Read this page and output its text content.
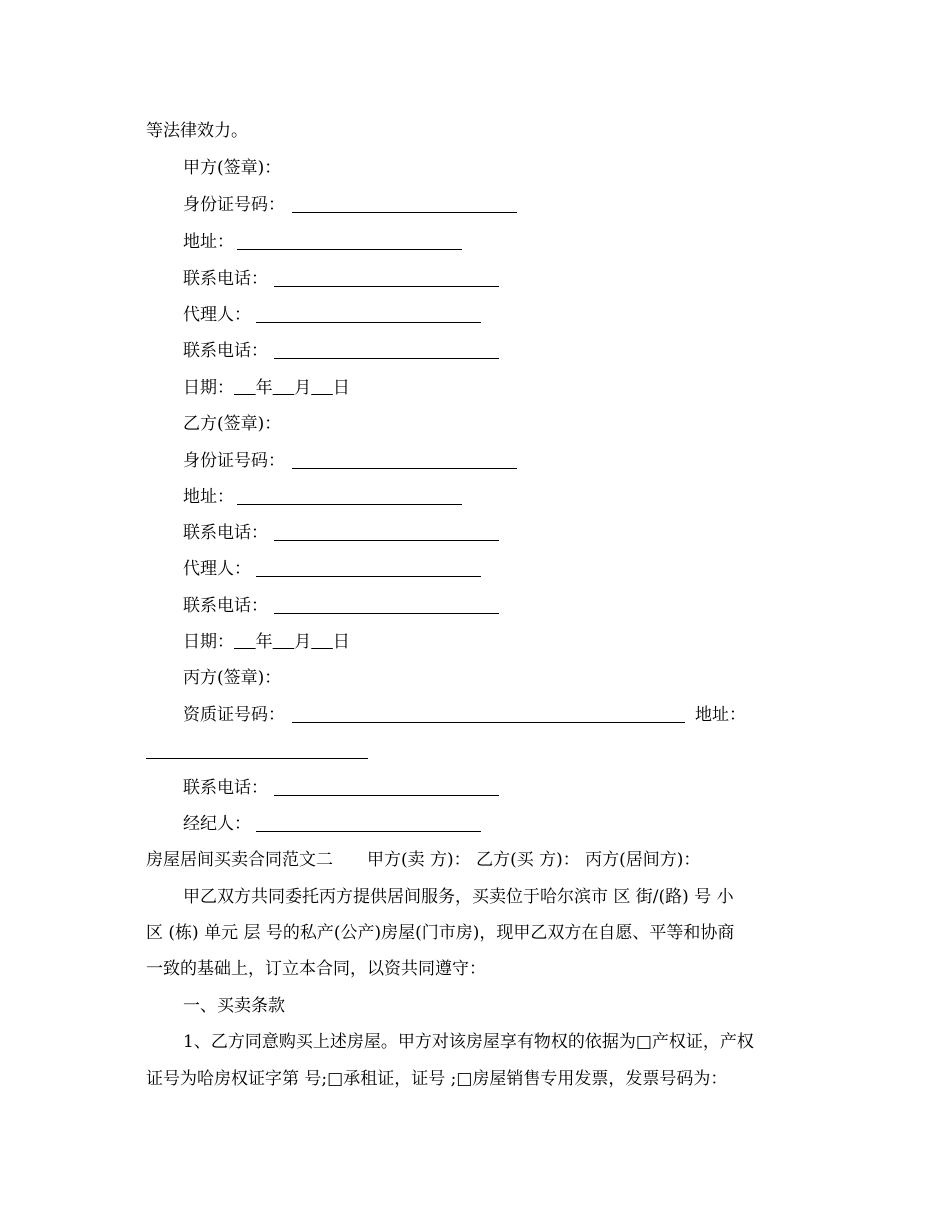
等法律效力。
甲方(签章)：
身份证号码：
地址：
联系电话：
代理人：
联系电话：
日期： 年 月 日
乙方(签章)：
身份证号码：
地址：
联系电话：
代理人：
联系电话：
日期： 年 月 日
丙方(签章)：
资质证号码：	地址：
联系电话：
经纪人：
房屋居间买卖合同范文二　　甲方(卖 方)： 乙方(买 方)： 丙方(居间方)：
甲乙双方共同委托丙方提供居间服务，买卖位于哈尔滨市 区 街/(路) 号 小
区 (栋) 单元 层 号的私产(公产)房屋(门市房)，现甲乙双方在自愿、平等和协商
一致的基础上，订立本合同，以资共同遵守：
一、买卖条款
1、乙方同意购买上述房屋。甲方对该房屋享有物权的依据为□产权证，产权
证号为哈房权证字第 号;□承租证，证号 ;□房屋销售专用发票，发票号码为：
